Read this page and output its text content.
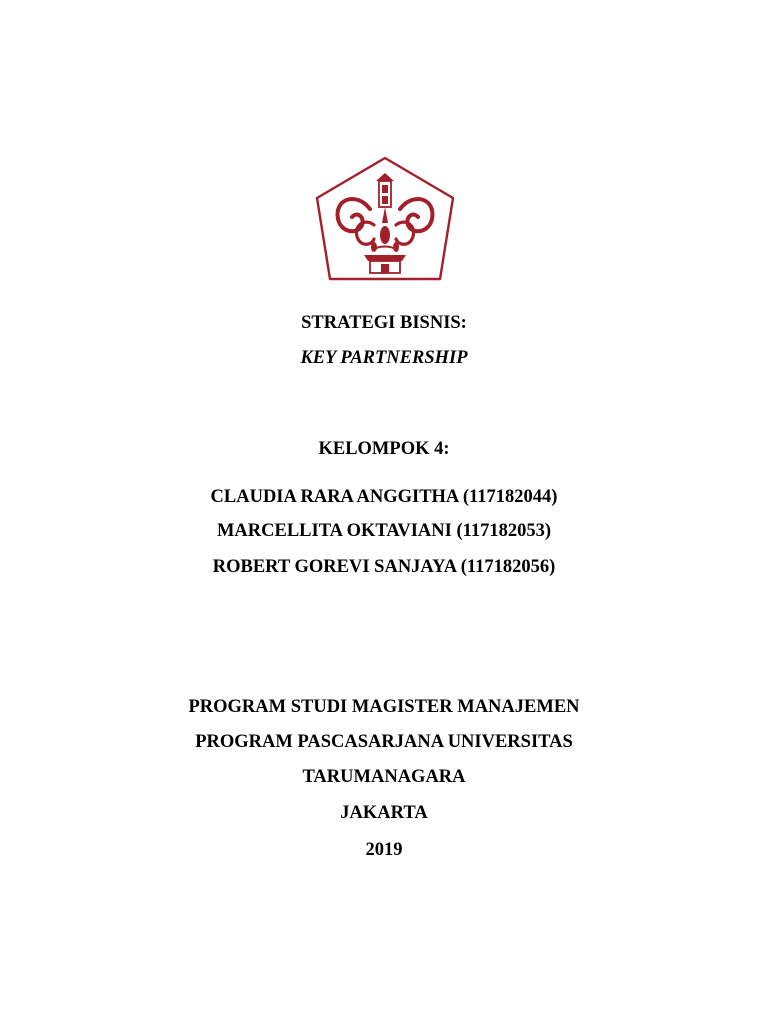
STRATEGI BISNIS:
KEY PARTNERSHIP
KELOMPOK 4:
CLAUDIA RARA ANGGITHA (117182044)
MARCELLITA OKTAVIANI (117182053)
ROBERT GOREVI SANJAYA (117182056)
PROGRAM STUDI MAGISTER MANAJEMEN
PROGRAM PASCASARJANA UNIVERSITAS
TARUMANAGARA
JAKARTA
2019
